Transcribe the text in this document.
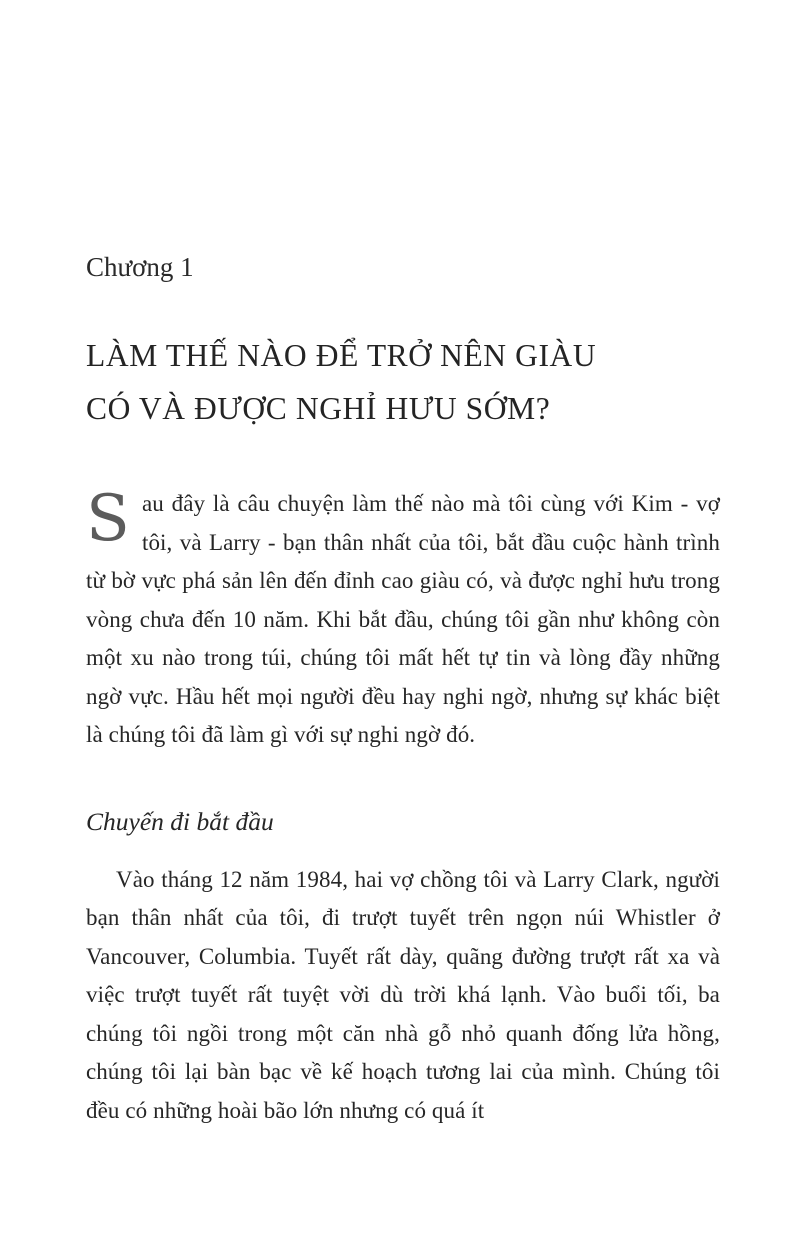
Chương 1
LÀM THẾ NÀO ĐỂ TRỞ NÊN GIÀU
CÓ VÀ ĐƯỢC NGHỈ HƯU SỚM?

S au đây là câu chuyện làm thế nào mà tôi cùng với Kim - vợ tôi, và Larry - bạn thân nhất của tôi, bắt đầu cuộc hành trình từ bờ vực phá sản lên đến đỉnh cao giàu có, và được nghỉ hưu trong vòng chưa đến 10 năm. Khi bắt đầu, chúng tôi gần như không còn một xu nào trong túi, chúng tôi mất hết tự tin và lòng đầy những ngờ vực. Hầu hết mọi người đều hay nghi ngờ, nhưng sự khác biệt là chúng tôi đã làm gì với sự nghi ngờ đó.

Chuyến đi bắt đầu

Vào tháng 12 năm 1984, hai vợ chồng tôi và Larry Clark, người bạn thân nhất của tôi, đi trượt tuyết trên ngọn núi Whistler ở Vancouver, Columbia. Tuyết rất dày, quãng đường trượt rất xa và việc trượt tuyết rất tuyệt vời dù trời khá lạnh. Vào buổi tối, ba chúng tôi ngồi trong một căn nhà gỗ nhỏ quanh đống lửa hồng, chúng tôi lại bàn bạc về kế hoạch tương lai của mình. Chúng tôi đều có những hoài bão lớn nhưng có quá ít
